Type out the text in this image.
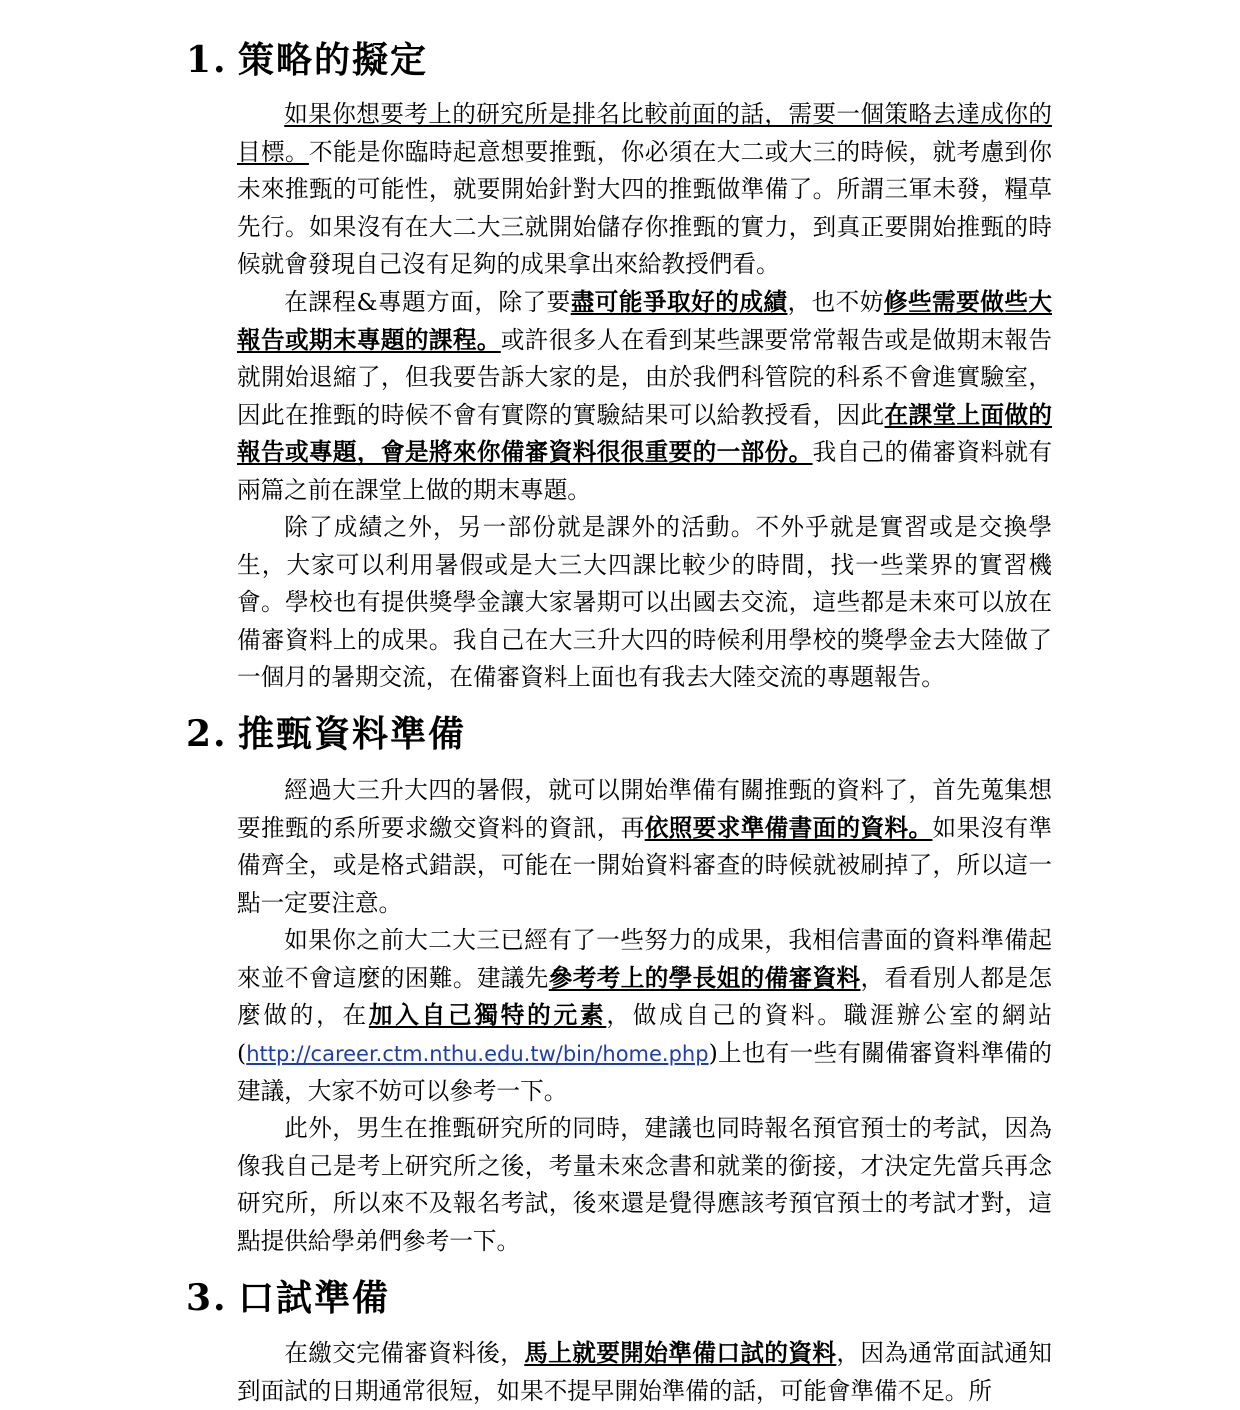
1. 策略的擬定

如果你想要考上的研究所是排名比較前面的話，需要一個策略去達成你的目標。不能是你臨時起意想要推甄，你必須在大二或大三的時候，就考慮到你未來推甄的可能性，就要開始針對大四的推甄做準備了。所謂三軍未發，糧草先行。如果沒有在大二大三就開始儲存你推甄的實力，到真正要開始推甄的時候就會發現自己沒有足夠的成果拿出來給教授們看。

在課程&專題方面，除了要盡可能爭取好的成績，也不妨修些需要做些大報告或期末專題的課程。或許很多人在看到某些課要常常報告或是做期末報告就開始退縮了，但我要告訴大家的是，由於我們科管院的科系不會進實驗室，因此在推甄的時候不會有實際的實驗結果可以給教授看，因此在課堂上面做的報告或專題，會是將來你備審資料很很重要的一部份。我自己的備審資料就有兩篇之前在課堂上做的期末專題。

除了成績之外，另一部份就是課外的活動。不外乎就是實習或是交換學生，大家可以利用暑假或是大三大四課比較少的時間，找一些業界的實習機會。學校也有提供獎學金讓大家暑期可以出國去交流，這些都是未來可以放在備審資料上的成果。我自己在大三升大四的時候利用學校的獎學金去大陸做了一個月的暑期交流，在備審資料上面也有我去大陸交流的專題報告。

2. 推甄資料準備

經過大三升大四的暑假，就可以開始準備有關推甄的資料了，首先蒐集想要推甄的系所要求繳交資料的資訊，再依照要求準備書面的資料。如果沒有準備齊全，或是格式錯誤，可能在一開始資料審查的時候就被刷掉了，所以這一點一定要注意。

如果你之前大二大三已經有了一些努力的成果，我相信書面的資料準備起來並不會這麼的困難。建議先參考考上的學長姐的備審資料，看看別人都是怎麼做的，在加入自己獨特的元素，做成自己的資料。職涯辦公室的網站(http://career.ctm.nthu.edu.tw/bin/home.php)上也有一些有關備審資料準備的建議，大家不妨可以參考一下。

此外，男生在推甄研究所的同時，建議也同時報名預官預士的考試，因為像我自己是考上研究所之後，考量未來念書和就業的銜接，才決定先當兵再念研究所，所以來不及報名考試，後來還是覺得應該考預官預士的考試才對，這點提供給學弟們參考一下。

3. 口試準備

在繳交完備審資料後，馬上就要開始準備口試的資料，因為通常面試通知到面試的日期通常很短，如果不提早開始準備的話，可能會準備不足。所
